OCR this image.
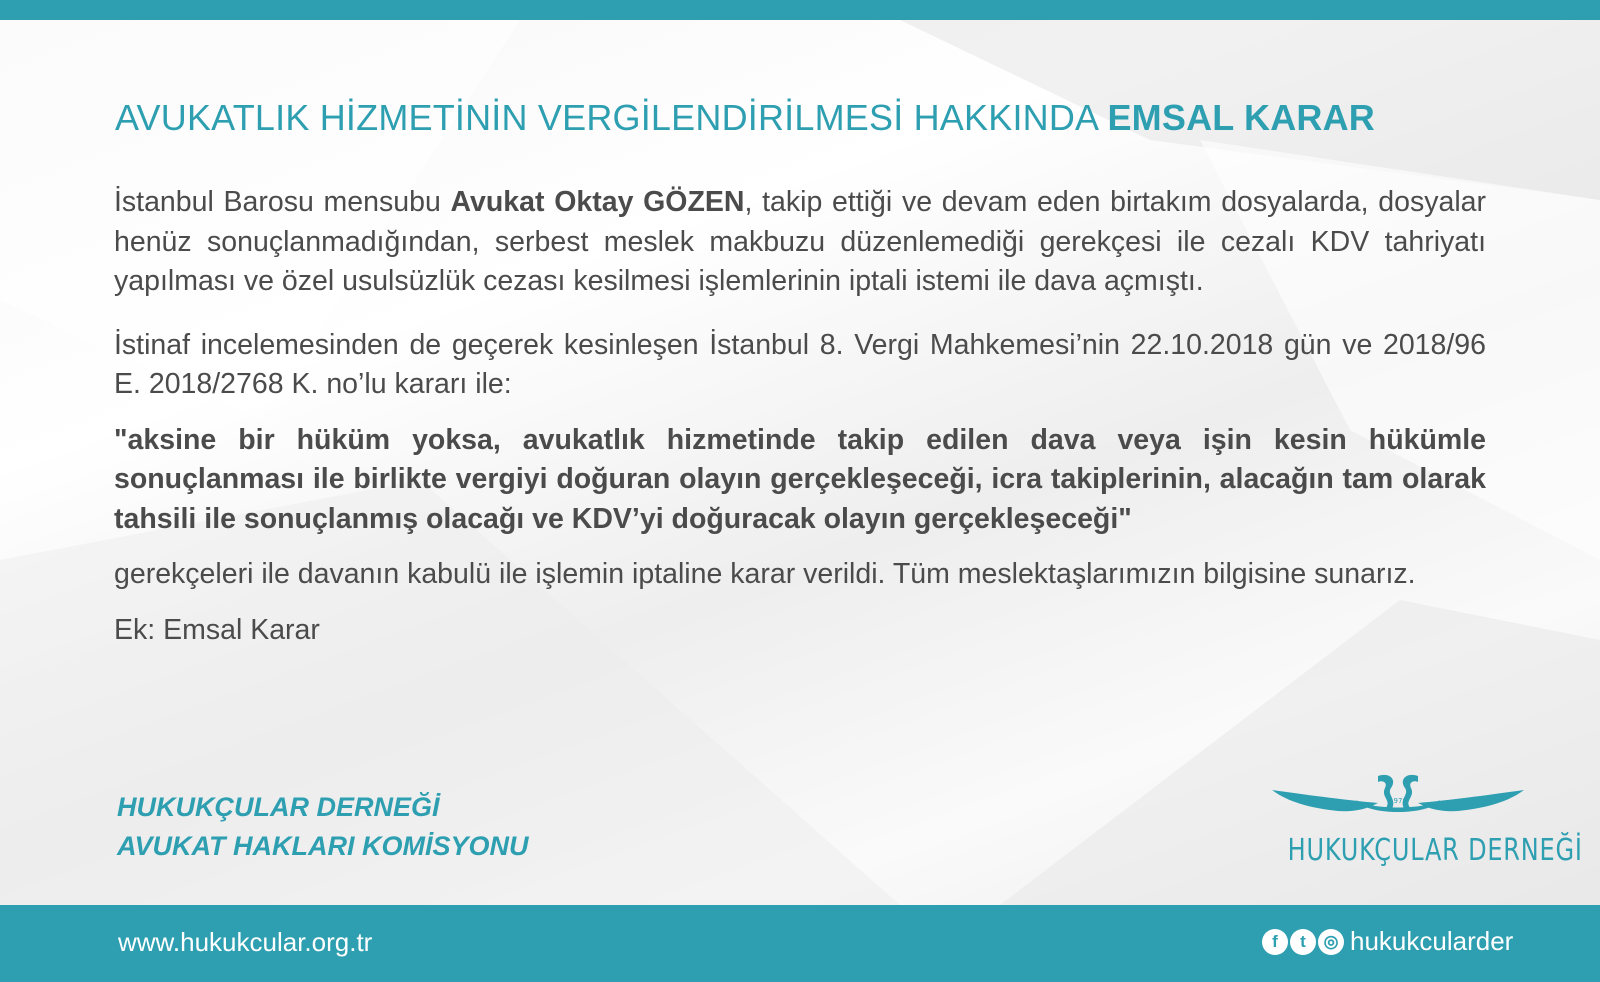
AVUKATLIK HİZMETİNİN VERGİLENDİRİLMESİ HAKKINDA EMSAL KARAR

İstanbul Barosu mensubu Avukat Oktay GÖZEN, takip ettiği ve devam eden birtakım dosyalarda, dosyalar henüz sonuçlanmadığından, serbest meslek makbuzu düzenlemediği gerekçesi ile cezalı KDV tahriyatı yapılması ve özel usulsüzlük cezası kesilmesi işlemlerinin iptali istemi ile dava açmıştı.

İstinaf incelemesinden de geçerek kesinleşen İstanbul 8. Vergi Mahkemesi’nin 22.10.2018 gün ve 2018/96 E. 2018/2768 K. no’lu kararı ile:

"aksine bir hüküm yoksa, avukatlık hizmetinde takip edilen dava veya işin kesin hükümle sonuçlanması ile birlikte vergiyi doğuran olayın gerçekleşeceği, icra takiplerinin, alacağın tam olarak tahsili ile sonuçlanmış olacağı ve KDV’yi doğuracak olayın gerçekleşeceği"

gerekçeleri ile davanın kabulü ile işlemin iptaline karar verildi. Tüm meslektaşlarımızın bilgisine sunarız.

Ek: Emsal Karar

HUKUKÇULAR DERNEĞİ
AVUKAT HAKLARI KOMİSYONU
1970
HUKUKÇULAR DERNEĞİ
www.hukukcular.org.tr	f	t	◎ hukukcularder
